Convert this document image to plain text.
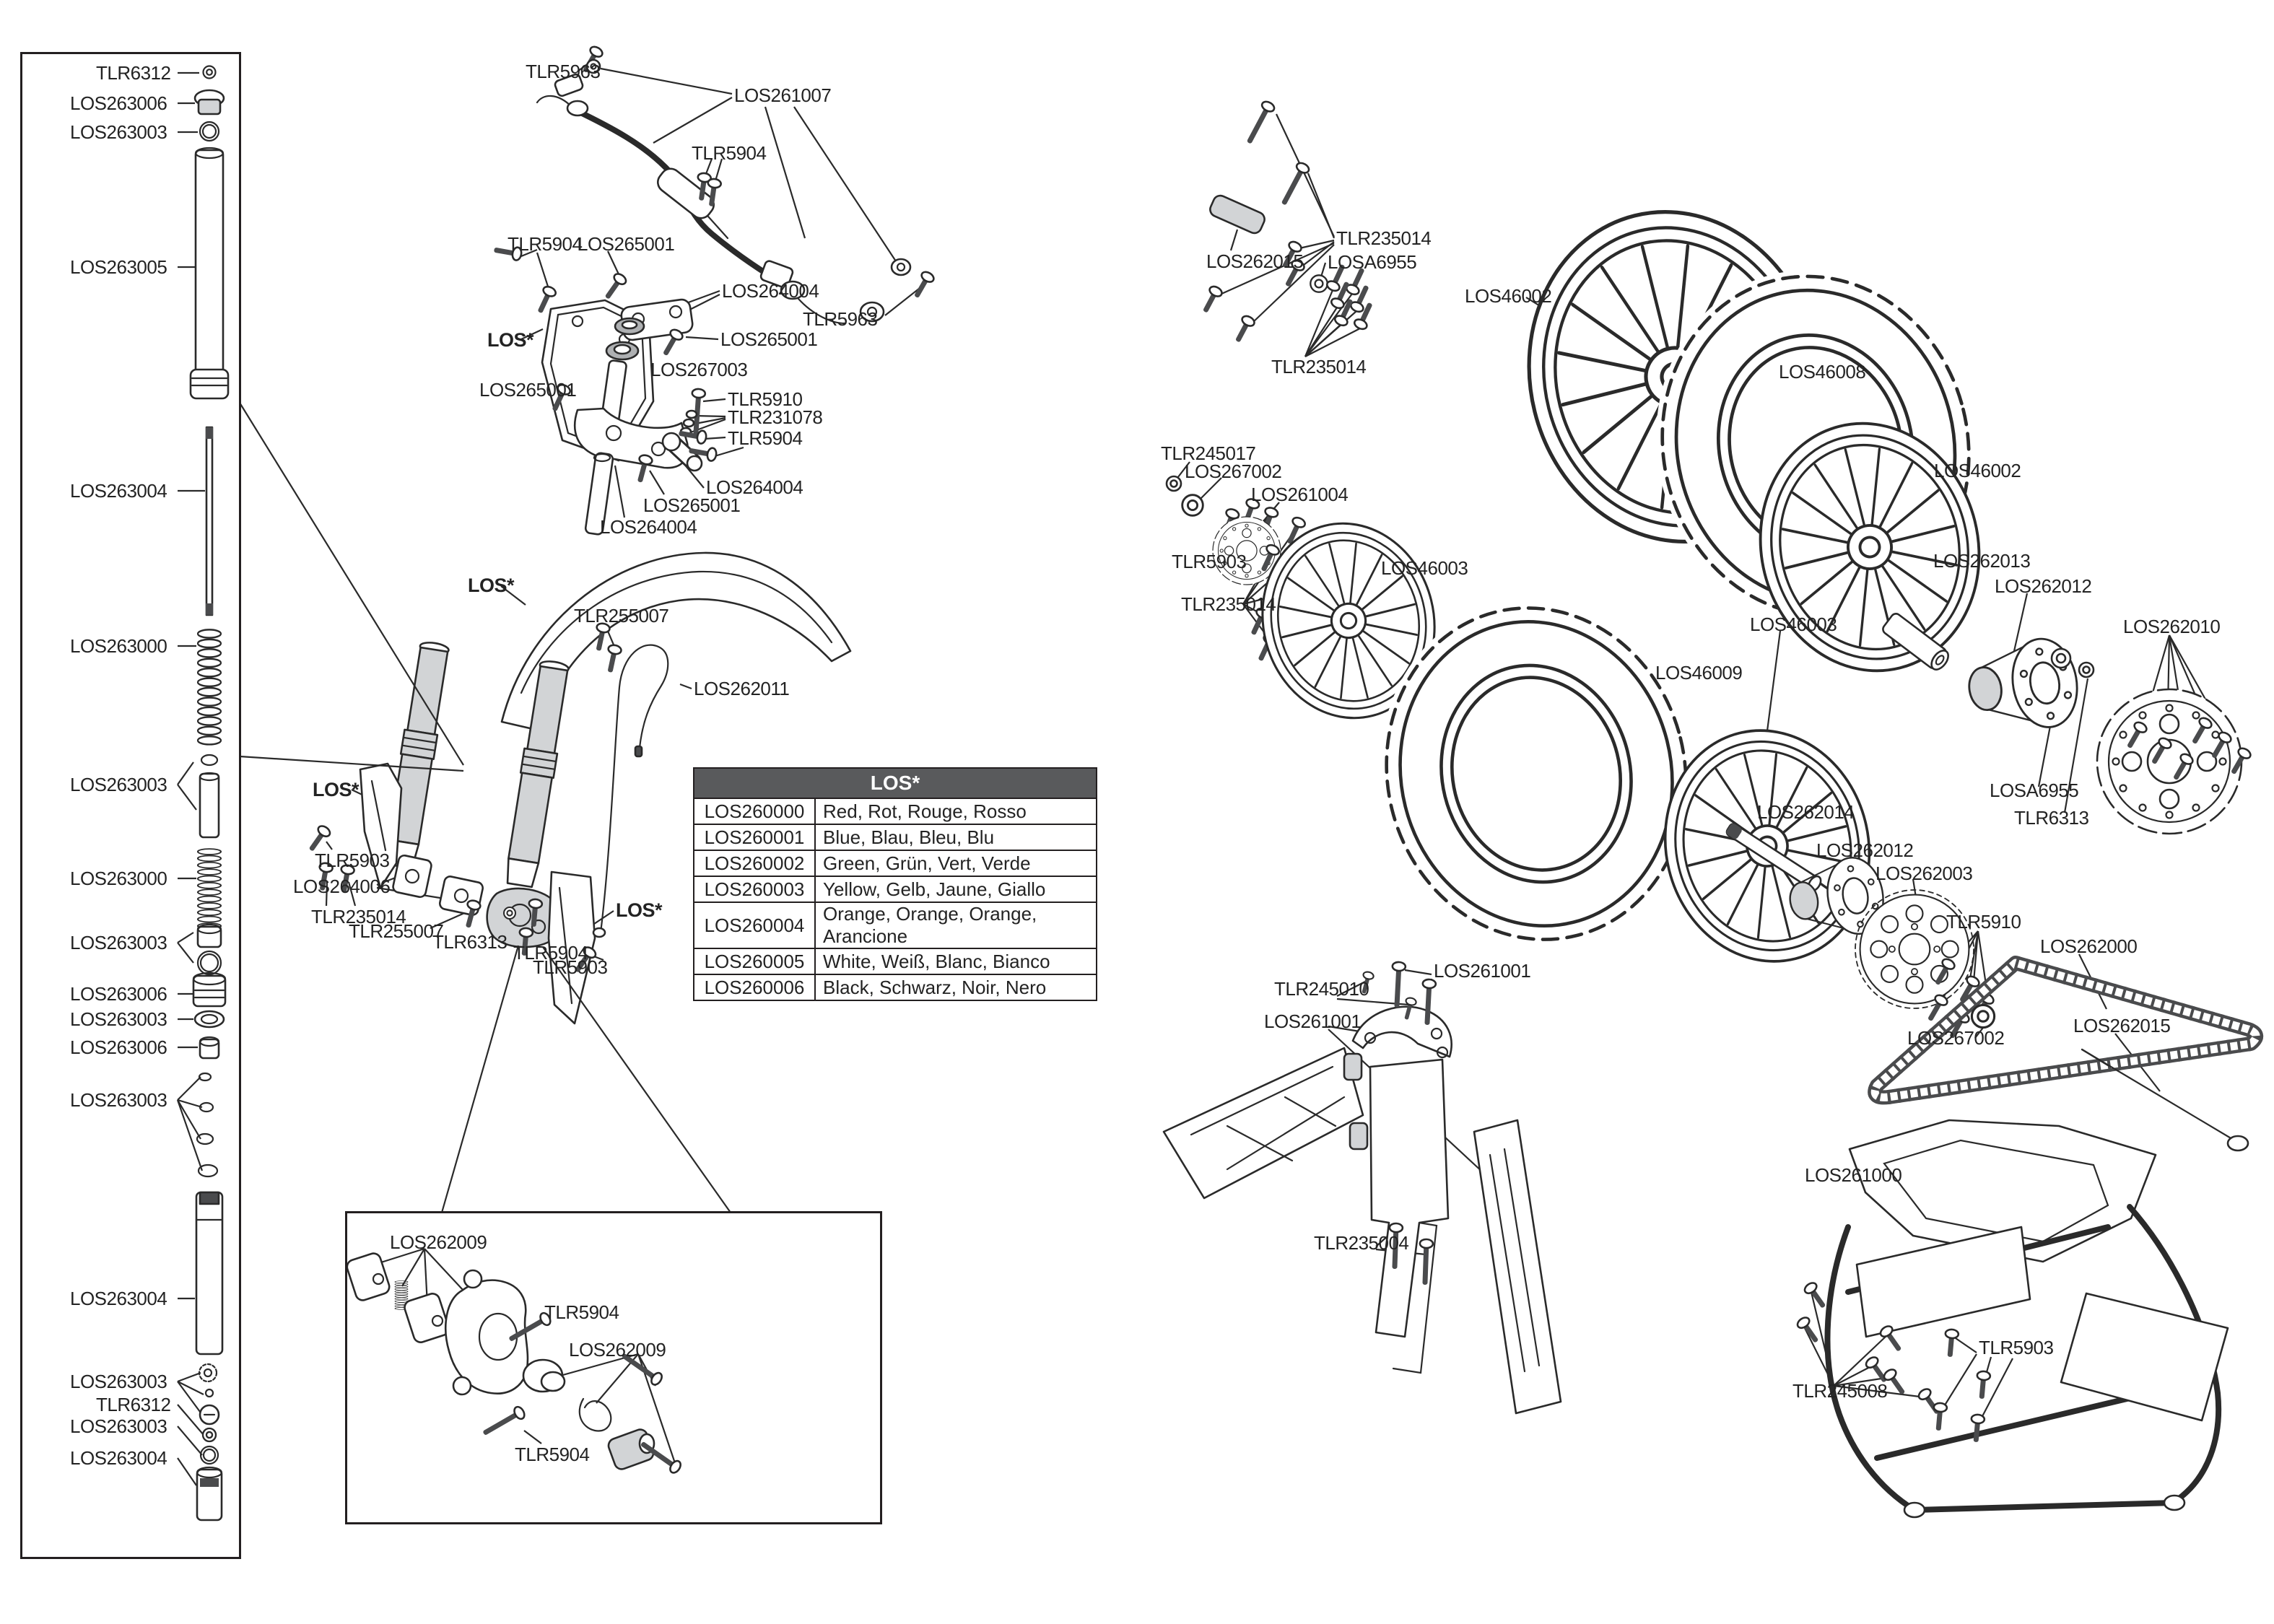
LOS*	
LOS260000	Red, Rot, Rouge, Rosso
LOS260001	Blue, Blau, Bleu, Blu
LOS260002	Green, Grün, Vert, Verde
LOS260003	Yellow, Gelb, Jaune, Giallo
LOS260004	Orange, Orange, Orange, Arancione
LOS260005	White, Weiß, Blanc, Bianco
LOS260006	Black, Schwarz, Noir, Nero
TLR6312
LOS263006
LOS263003
LOS263005
LOS263004
LOS263000
LOS263003
LOS263000
LOS263003
LOS263006
LOS263003
LOS263006
LOS263003
LOS263004
LOS263003
TLR6312
LOS263003
LOS263004
TLR5963
LOS261007
TLR5904
TLR5904
LOS265001
LOS264004
TLR5963
LOS265001
LOS*
LOS267003
LOS265001	TLR5910
TLR231078
TLR5904
LOS264004
LOS265001
LOS264004
LOS*
TLR255007
LOS262011
LOS*
TLR5903
LOS264006
TLR235014
TLR255007
TLR6313 TLR5904
TLR5903
LOS*
LOS262009
TLR5904
LOS262009
TLR5904
LOS262015
TLR235014
LOSA6955
LOS46002
TLR235014	LOS46008
TLR245017
LOS267002
LOS261004
TLR5903
TLR235014
LOS46003
LOS46002
LOS262013
LOS262012
LOS262010
LOS46009
LOS46003
LOSA6955
TLR6313
LOS262014
LOS262012
LOS262003
TLR5910
LOS262000
LOS267002
LOS262015
LOS261001
TLR245010
LOS261001
TLR235004
LOS261000
TLR5903
TLR245008
